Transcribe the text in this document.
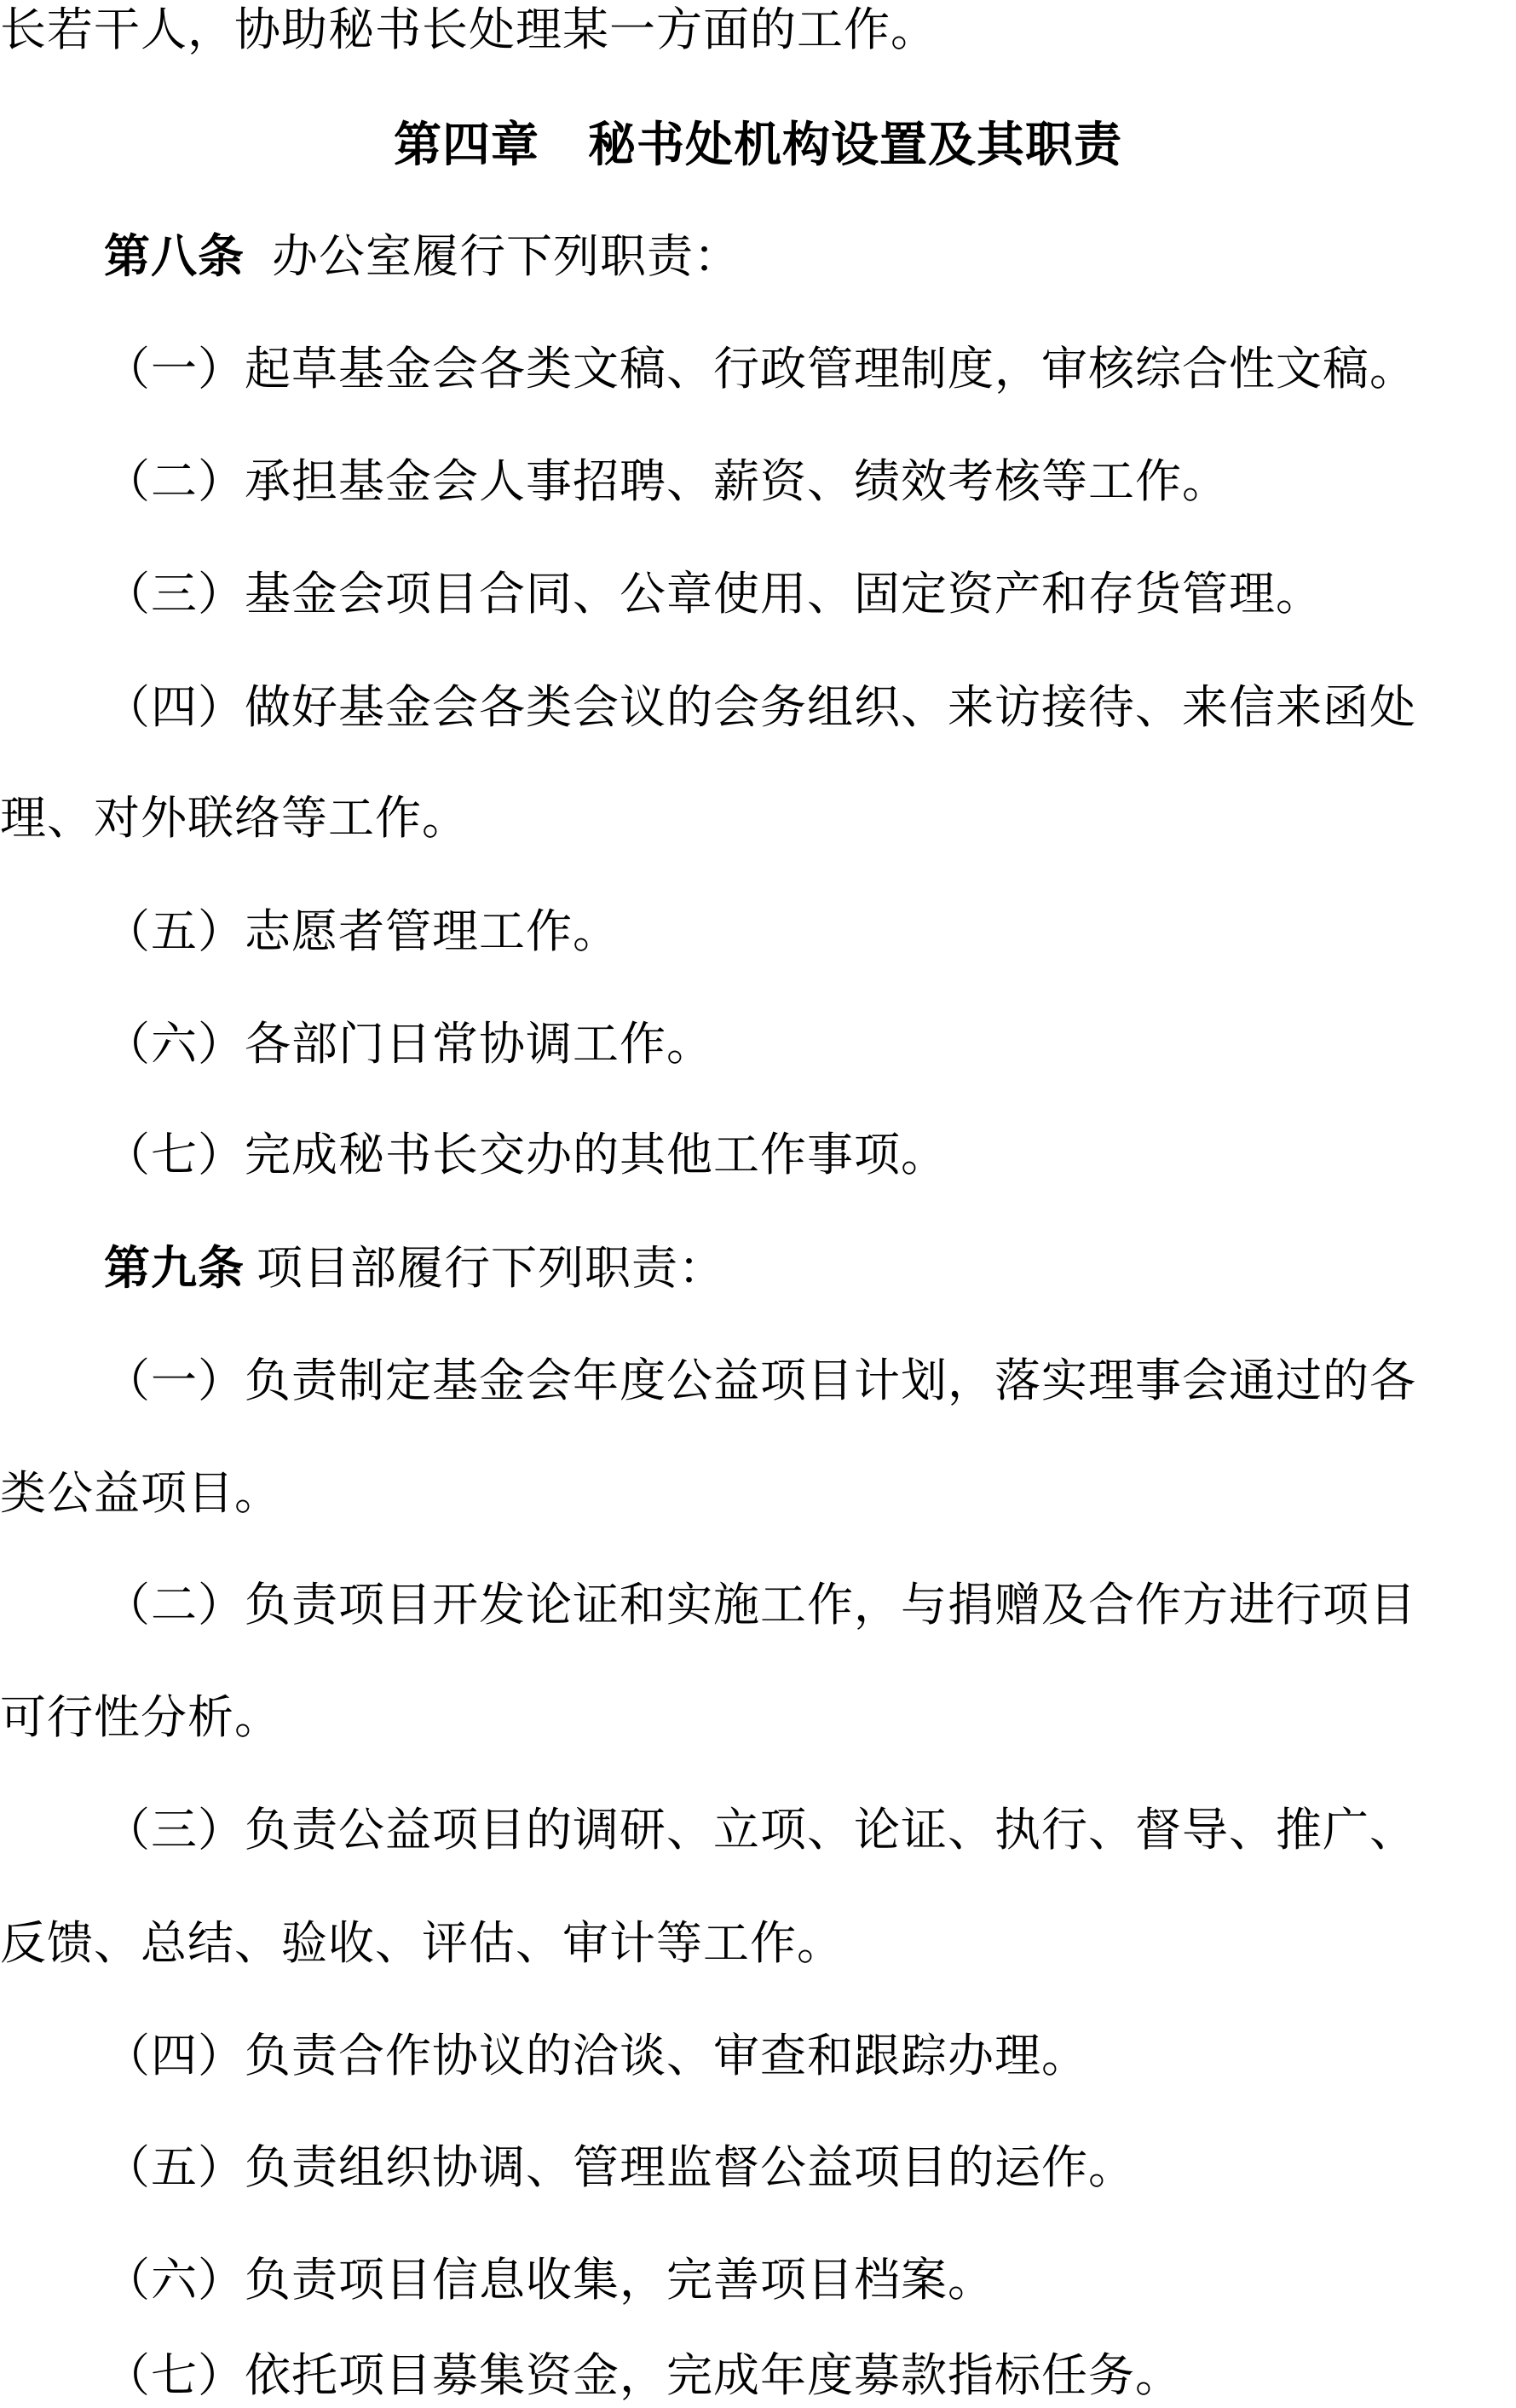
长若干人，协助秘书长处理某一方面的工作。
第四章　秘书处机构设置及其职责
第八条 办公室履行下列职责：
（一）起草基金会各类文稿、行政管理制度，审核综合性文稿。
（二）承担基金会人事招聘、薪资、绩效考核等工作。
（三）基金会项目合同、公章使用、固定资产和存货管理。
（四）做好基金会各类会议的会务组织、来访接待、来信来函处
理、对外联络等工作。
（五）志愿者管理工作。
（六）各部门日常协调工作。
（七）完成秘书长交办的其他工作事项。
第九条 项目部履行下列职责：
（一）负责制定基金会年度公益项目计划，落实理事会通过的各
类公益项目。
（二）负责项目开发论证和实施工作，与捐赠及合作方进行项目
可行性分析。
（三）负责公益项目的调研、立项、论证、执行、督导、推广、
反馈、总结、验收、评估、审计等工作。
（四）负责合作协议的洽谈、审查和跟踪办理。
（五）负责组织协调、管理监督公益项目的运作。
（六）负责项目信息收集，完善项目档案。
（七）依托项目募集资金，完成年度募款指标任务。
